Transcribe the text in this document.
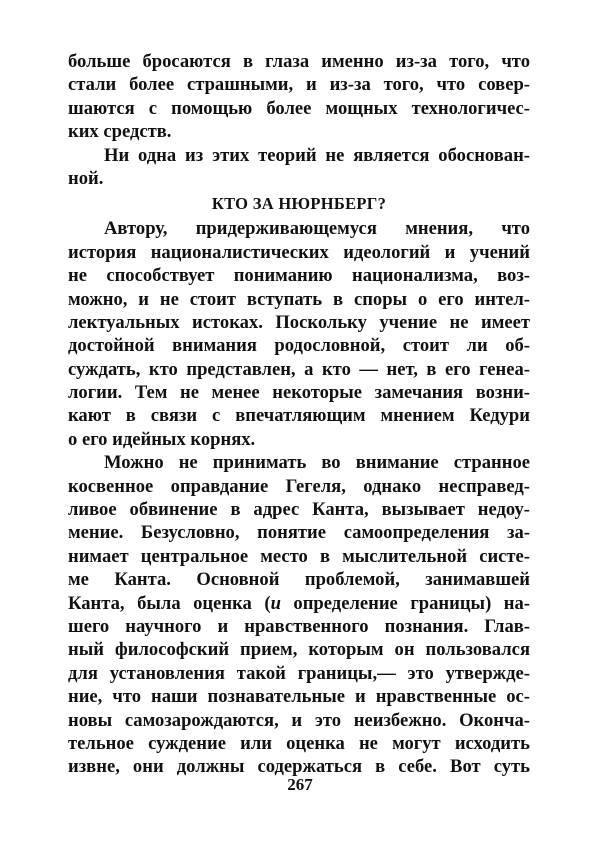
больше бросаются в глаза именно из-за того, что
стали более страшными, и из-за того, что совер-
шаются с помощью более мощных технологичес-
ких средств.
Ни одна из этих теорий не является обоснован-
ной.
КТО ЗА НЮРНБЕРГ?
Автору, придерживающемуся мнения, что
история националистических идеологий и учений
не способствует пониманию национализма, воз-
можно, и не стоит вступать в споры о его интел-
лектуальных истоках. Поскольку учение не имеет
достойной внимания родословной, стоит ли об-
суждать, кто представлен, а кто — нет, в его генеа-
логии. Тем не менее некоторые замечания возни-
кают в связи с впечатляющим мнением Кедури
о его идейных корнях.
Можно не принимать во внимание странное
косвенное оправдание Гегеля, однако несправед-
ливое обвинение в адрес Канта, вызывает недоу-
мение. Безусловно, понятие самоопределения за-
нимает центральное место в мыслительной систе-
ме Канта. Основной проблемой, занимавшей
Канта, была оценка (и определение границы) на-
шего научного и нравственного познания. Глав-
ный философский прием, которым он пользовался
для установления такой границы,— это утвержде-
ние, что наши познавательные и нравственные ос-
новы самозарождаются, и это неизбежно. Оконча-
тельное суждение или оценка не могут исходить
извне, они должны содержаться в себе. Вот суть
267
